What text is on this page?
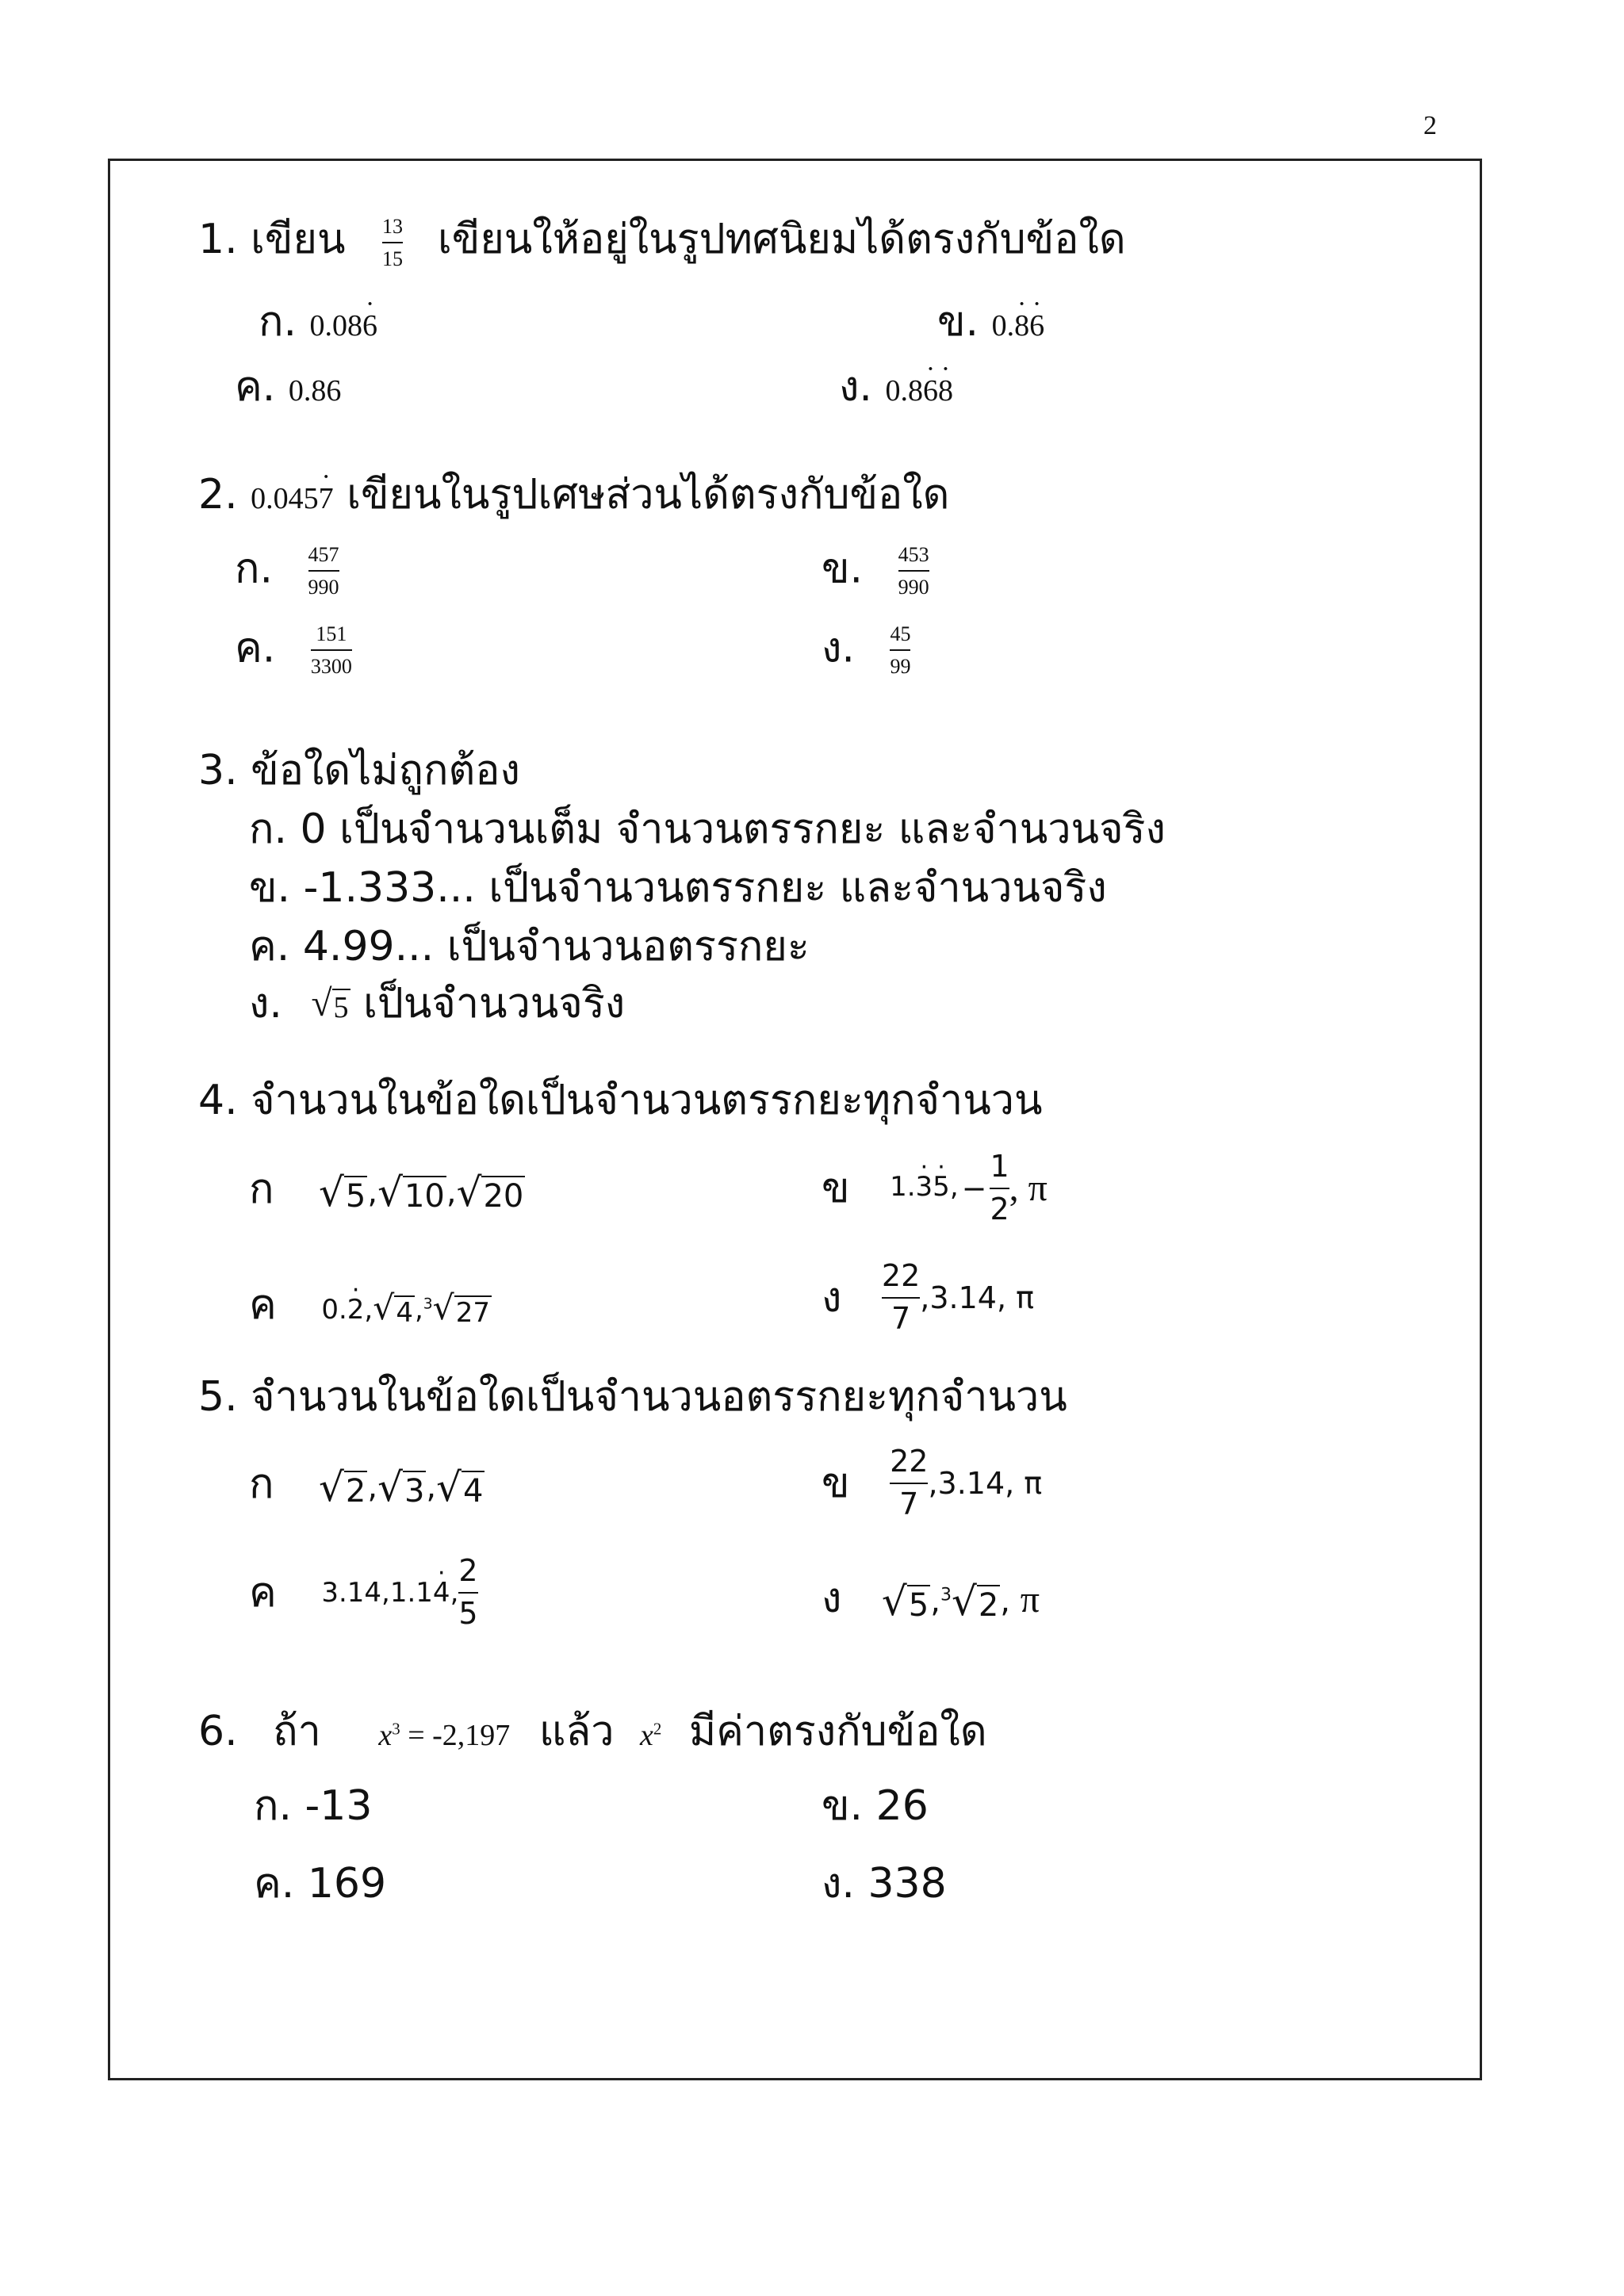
2
1. เขียน 13
15 เขียนให้อยู่ในรูปทศนิยมได้ตรงกับข้อใด
ก. 0.08· 6	ข. 0.· 8· 6
ค. 0.86	ง. 0.8· 6· 8
2. 0.045· 7 เขียนในรูปเศษส่วนได้ตรงกับข้อใด
ก. $\frac{457}{990}$	ข. $\frac{453}{990}$
ค. $\frac{151}{3300}$	ง. $\frac{45}{99}$
3. ข้อใดไม่ถูกต้อง
ก. 0 เป็นจำนวนเต็ม จำนวนตรรกยะ และจำนวนจริง
ข. -1.333... เป็นจำนวนตรรกยะ และจำนวนจริง
ค. 4.99... เป็นจำนวนอตรรกยะ
ง. √ 5 เป็นจำนวนจริง
4. จำนวนในข้อใดเป็นจำนวนตรรกยะทุกจำนวน
ก √ 5 , √ 10 , √ 20	ข 1.· 3· 5, − $\frac{1}{2}$ , π
ค 0.· 2, √ 4 ,$^3$ √ 27	ง $\frac{22}{7} ,3.14$, π
5. จำนวนในข้อใดเป็นจำนวนอตรรกยะทุกจำนวน
ก √ 2 , √ 3 , √ 4	ข $\frac{22}{7} ,3.14$, π
ค 3.14,1.1· 4, $\frac{2}{5}$	ง √ 5 ,$^3$ √ 2 , π
6. ถ้า $x^3 = -2,197$ แล้ว $x^2$ มีค่าตรงกับข้อใด
ก. -13	ข. 26
ค. 169	ง. 338
